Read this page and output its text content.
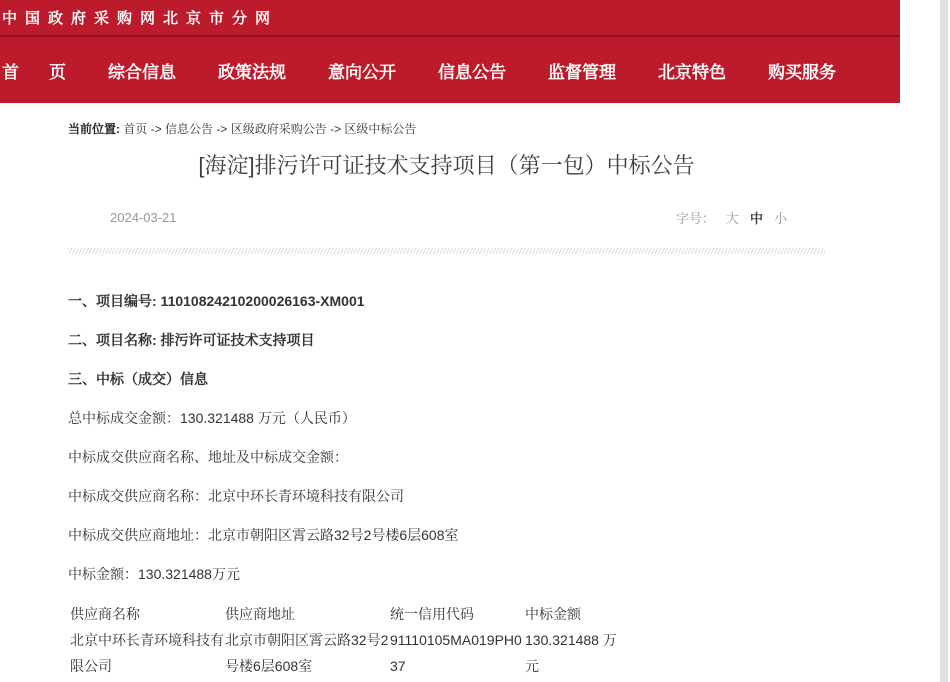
中国政府采购网北京市分网
首页 综合信息 政策法规 意向公开 信息公告 监督管理 北京特色 购买服务
当前位置: 首页 -> 信息公告 -> 区级政府采购公告 -> 区级中标公告
[海淀]排污许可证技术支持项目（第一包）中标公告
2024-03-21	字号： 大 中 小

一、项目编号: 11010824210200026163-XM001

二、项目名称: 排污许可证技术支持项目

三、中标（成交）信息

总中标成交金额：130.321488 万元（人民币）

中标成交供应商名称、地址及中标成交金额：

中标成交供应商名称：北京中环长青环境科技有限公司

中标成交供应商地址：北京市朝阳区霄云路32号2号楼6层608室

中标金额：130.321488万元

供应商名称	供应商地址	统一信用代码	中标金额
北京中环长青环境科技有限公司	北京市朝阳区霄云路32号2号楼6层608室	91110105MA019PH037	130.321488 万元
